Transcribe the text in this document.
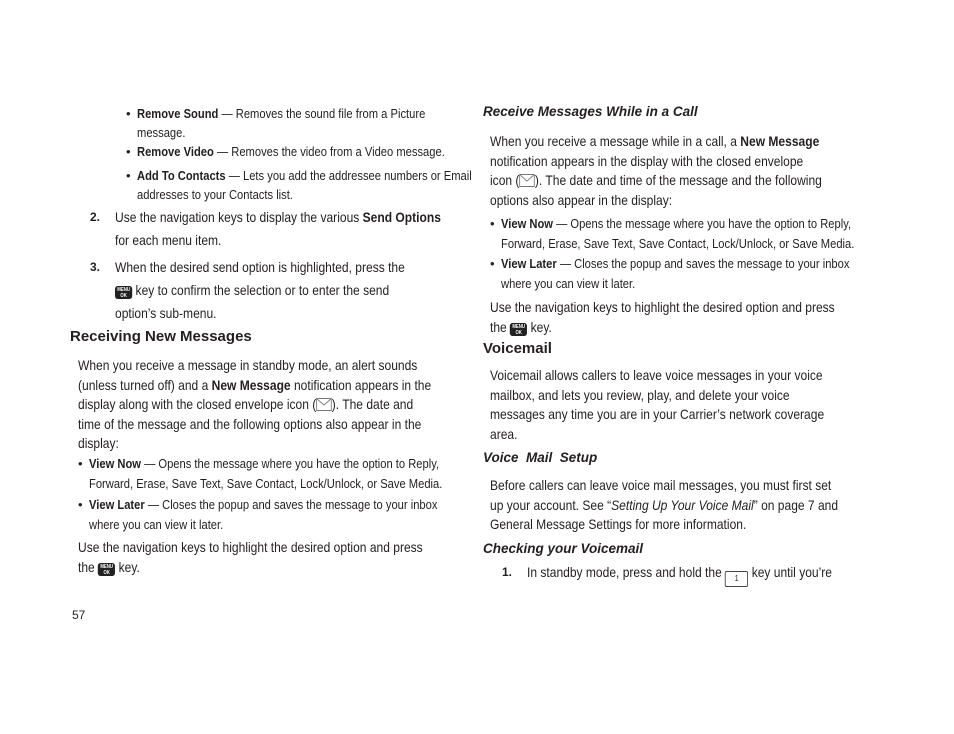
• Remove Sound — Removes the sound file from a Picture
message.
• Remove Video — Removes the video from a Video message.
• Add To Contacts — Lets you add the addressee numbers or Email
addresses to your Contacts list.
2. Use the navigation keys to display the various Send Options
for each menu item.
3. When the desired send option is highlighted, press the
MENU
OK key to confirm the selection or to enter the send
option’s sub-menu.
Receiving New Messages

When you receive a message in standby mode, an alert sounds
(unless turned off) and a New Message notification appears in the
display along with the closed envelope icon ( ). The date and
time of the message and the following options also appear in the
display:

• View Now — Opens the message where you have the option to Reply,
Forward, Erase, Save Text, Save Contact, Lock/Unlock, or Save Media.
• View Later — Closes the popup and saves the message to your inbox
where you can view it later.

Use the navigation keys to highlight the desired option and press
the MENU
OK key.

Receive Messages While in a Call

When you receive a message while in a call, a New Message
notification appears in the display with the closed envelope
icon ( ). The date and time of the message and the following
options also appear in the display:

• View Now — Opens the message where you have the option to Reply,
Forward, Erase, Save Text, Save Contact, Lock/Unlock, or Save Media.
• View Later — Closes the popup and saves the message to your inbox
where you can view it later.

Use the navigation keys to highlight the desired option and press
the MENU
OK key.

Voicemail

Voicemail allows callers to leave voice messages in your voice
mailbox, and lets you review, play, and delete your voice
messages any time you are in your Carrier’s network coverage
area.

Voice  Mail  Setup

Before callers can leave voice mail messages, you must first set
up your account. See “Setting Up Your Voice Mail” on page 7 and
General Message Settings for more information.

Checking your Voicemail
1. In standby mode, press and hold the 1 key until you’re
57
